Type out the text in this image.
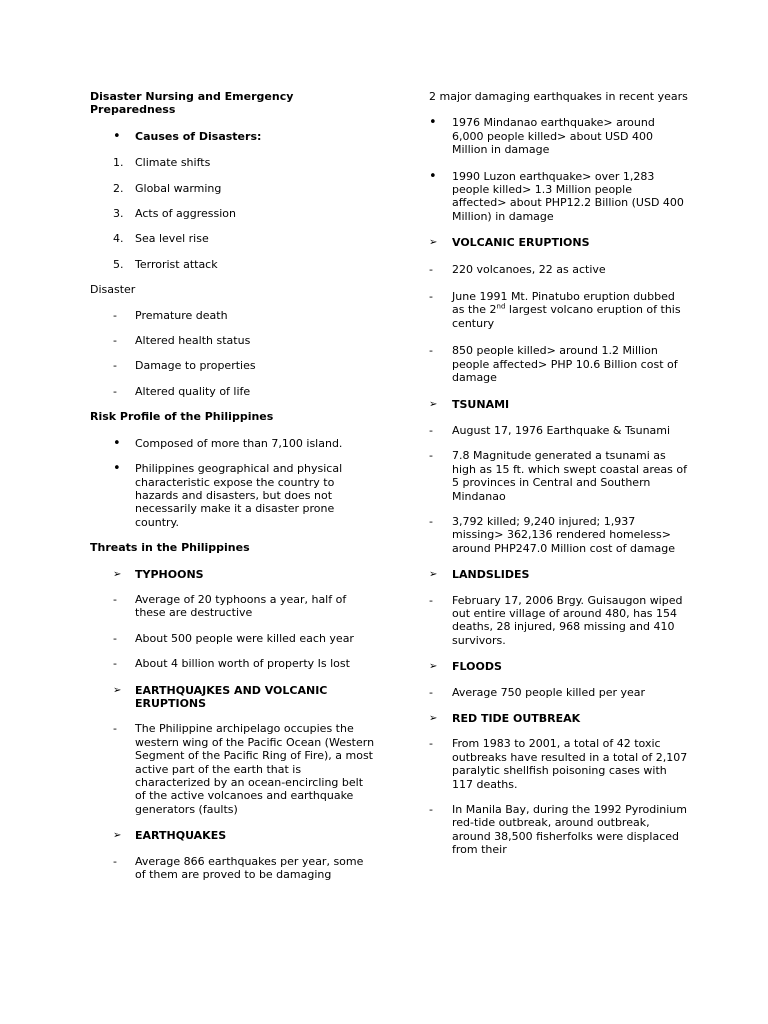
Disaster Nursing and Emergency Preparedness
• Causes of Disasters:
1. Climate shifts
2. Global warming
3. Acts of aggression
4. Sea level rise
5. Terrorist attack
Disaster
- Premature death
- Altered health status
- Damage to properties
- Altered quality of life
Risk Profile of the Philippines
• Composed of more than 7,100 island.
• Philippines geographical and physical characteristic expose the country to hazards and disasters, but does not necessarily make it a disaster prone country.
Threats in the Philippines
➢ TYPHOONS
- Average of 20 typhoons a year, half of these are destructive
- About 500 people were killed each year
- About 4 billion worth of property Is lost
➢ EARTHQUAJKES AND VOLCANIC ERUPTIONS
- The Philippine archipelago occupies the western wing of the Pacific Ocean (Western Segment of the Pacific Ring of Fire), a most active part of the earth that is characterized by an ocean-encircling belt of the active volcanoes and earthquake generators (faults)
➢ EARTHQUAKES
- Average 866 earthquakes per year, some of them are proved to be damaging
2 major damaging earthquakes in recent years
• 1976 Mindanao earthquake> around 6,000 people killed> about USD 400 Million in damage
• 1990 Luzon earthquake> over 1,283 people killed> 1.3 Million people affected> about PHP12.2 Billion (USD 400 Million) in damage
➢ VOLCANIC ERUPTIONS
- 220 volcanoes, 22 as active
- June 1991 Mt. Pinatubo eruption dubbed as the 2nd largest volcano eruption of this century
- 850 people killed> around 1.2 Million people affected> PHP 10.6 Billion cost of damage
➢ TSUNAMI
- August 17, 1976 Earthquake & Tsunami
- 7.8 Magnitude generated a tsunami as high as 15 ft. which swept coastal areas of 5 provinces in Central and Southern Mindanao
- 3,792 killed; 9,240 injured; 1,937 missing> 362,136 rendered homeless> around PHP247.0 Million cost of damage
➢ LANDSLIDES
- February 17, 2006 Brgy. Guisaugon wiped out entire village of around 480, has 154 deaths, 28 injured, 968 missing and 410 survivors.
➢ FLOODS
- Average 750 people killed per year
➢ RED TIDE OUTBREAK
- From 1983 to 2001, a total of 42 toxic outbreaks have resulted in a total of 2,107 paralytic shellfish poisoning cases with 117 deaths.
- In Manila Bay, during the 1992 Pyrodinium red-tide outbreak, around outbreak, around 38,500 fisherfolks were displaced from their
